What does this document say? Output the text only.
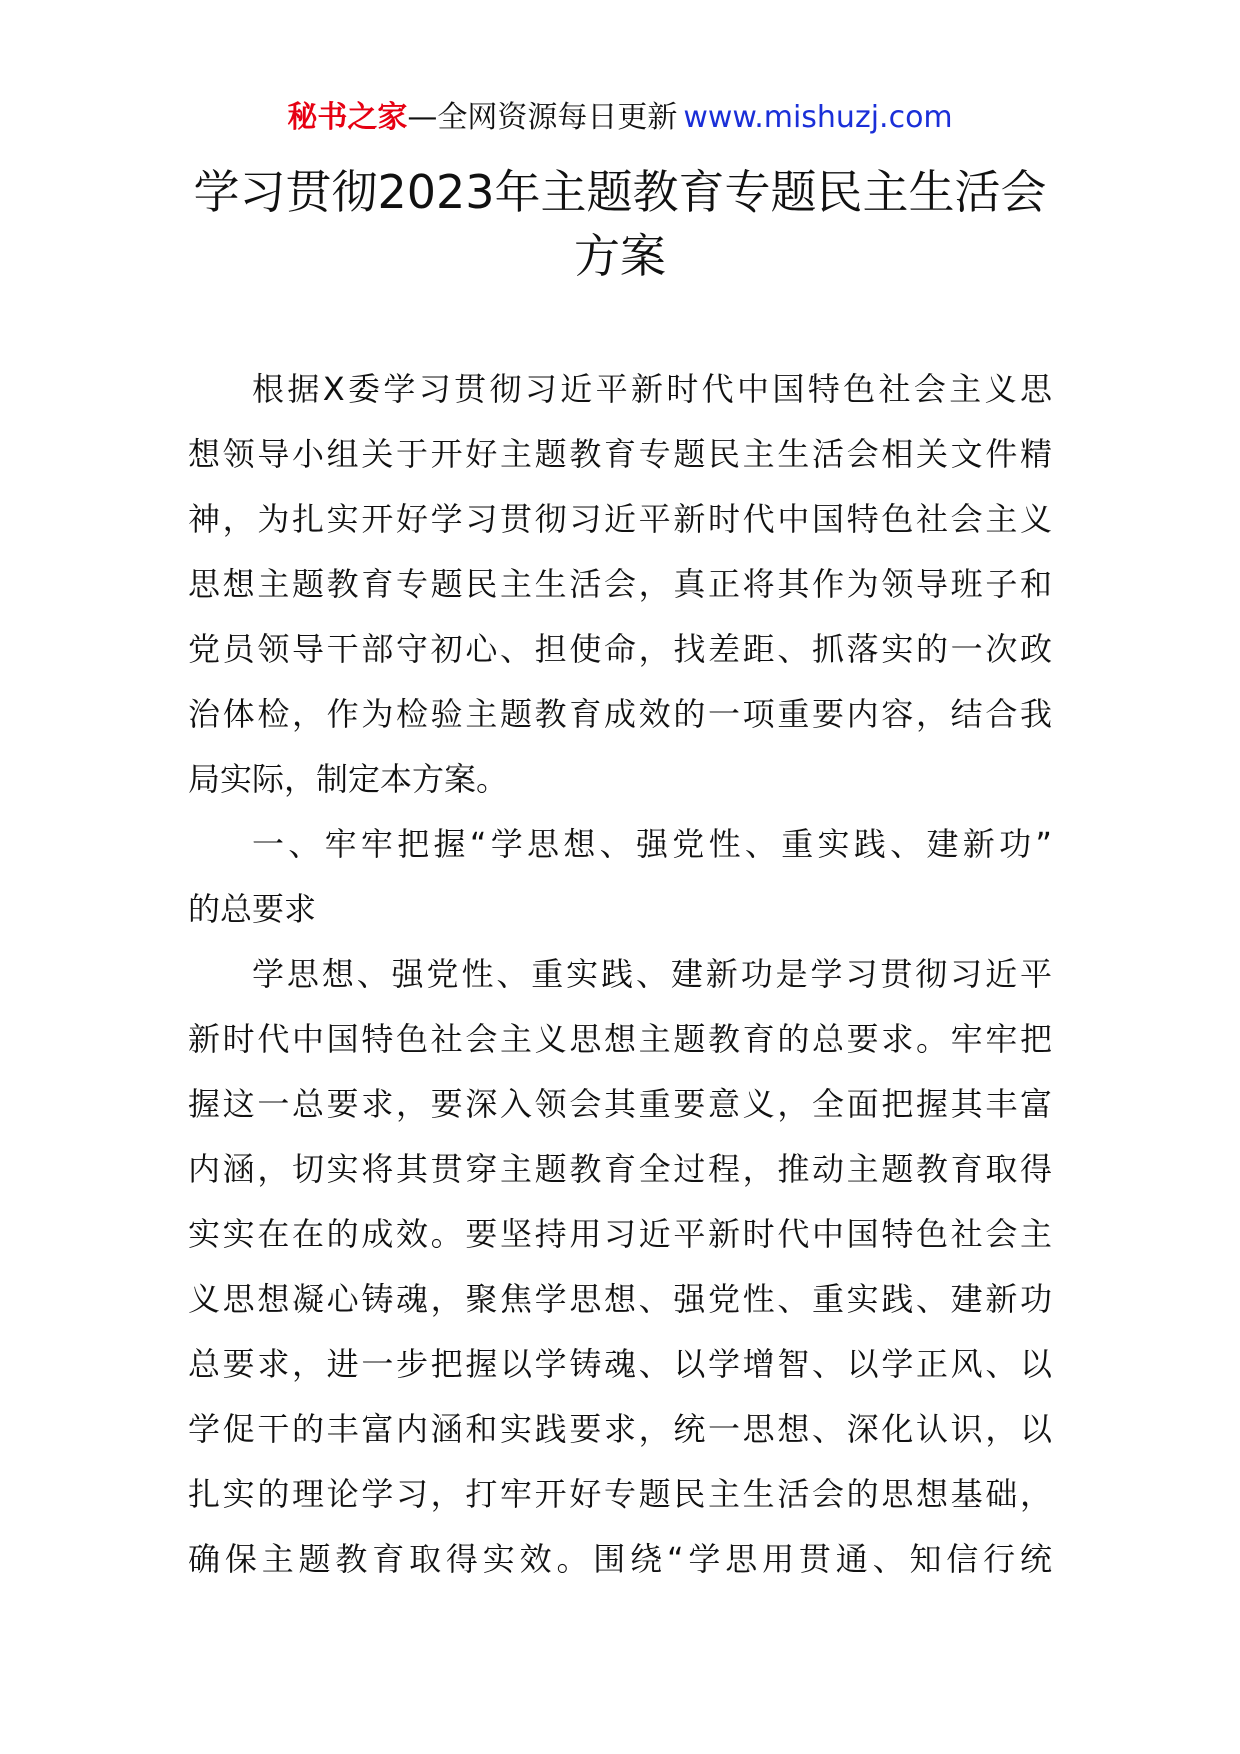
秘书之家—全网资源每日更新 www.mishuzj.com
学习贯彻2023年主题教育专题民主生活会
方案
根据X委学习贯彻习近平新时代中国特色社会主义思
想领导小组关于开好主题教育专题民主生活会相关文件精
神，为扎实开好学习贯彻习近平新时代中国特色社会主义
思想主题教育专题民主生活会，真正将其作为领导班子和
党员领导干部守初心、担使命，找差距、抓落实的一次政
治体检，作为检验主题教育成效的一项重要内容，结合我
局实际，制定本方案。
一、牢牢把握“学思想、强党性、重实践、建新功”
的总要求
学思想、强党性、重实践、建新功是学习贯彻习近平
新时代中国特色社会主义思想主题教育的总要求。牢牢把
握这一总要求，要深入领会其重要意义，全面把握其丰富
内涵，切实将其贯穿主题教育全过程，推动主题教育取得
实实在在的成效。要坚持用习近平新时代中国特色社会主
义思想凝心铸魂，聚焦学思想、强党性、重实践、建新功
总要求，进一步把握以学铸魂、以学增智、以学正风、以
学促干的丰富内涵和实践要求，统一思想、深化认识，以
扎实的理论学习，打牢开好专题民主生活会的思想基础，
确保主题教育取得实效。围绕“学思用贯通、知信行统
